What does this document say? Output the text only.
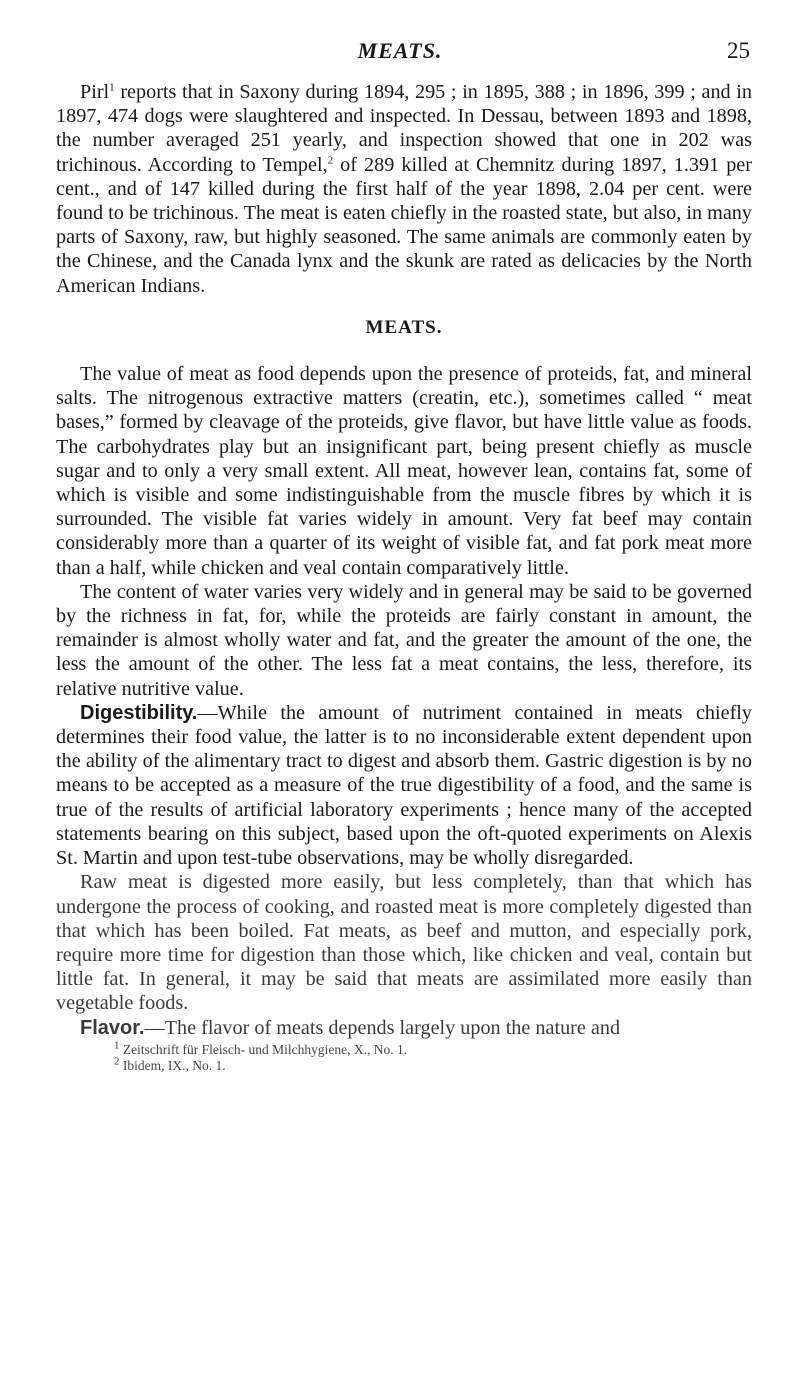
MEATS.	25

Pirl$^1$ reports that in Saxony during 1894, 295 ; in 1895, 388 ; in 1896, 399 ; and in 1897, 474 dogs were slaughtered and inspected. In Dessau, between 1893 and 1898, the number averaged 251 yearly, and inspection showed that one in 202 was trichinous. According to Tempel,$^2$ of 289 killed at Chemnitz during 1897, 1.391 per cent., and of 147 killed during the first half of the year 1898, 2.04 per cent. were found to be trichinous. The meat is eaten chiefly in the roasted state, but also, in many parts of Saxony, raw, but highly seasoned. The same animals are commonly eaten by the Chinese, and the Canada lynx and the skunk are rated as delicacies by the North American Indians.

MEATS.

The value of meat as food depends upon the presence of proteids, fat, and mineral salts. The nitrogenous extractive matters (creatin, etc.), sometimes called “ meat bases,” formed by cleavage of the proteids, give flavor, but have little value as foods. The carbohydrates play but an insignificant part, being present chiefly as muscle sugar and to only a very small extent. All meat, however lean, contains fat, some of which is visible and some indistinguishable from the muscle fibres by which it is surrounded. The visible fat varies widely in amount. Very fat beef may contain considerably more than a quarter of its weight of visible fat, and fat pork meat more than a half, while chicken and veal contain comparatively little.

The content of water varies very widely and in general may be said to be governed by the richness in fat, for, while the proteids are fairly constant in amount, the remainder is almost wholly water and fat, and the greater the amount of the one, the less the amount of the other. The less fat a meat contains, the less, therefore, its relative nutritive value.

Digestibility.—While the amount of nutriment contained in meats chiefly determines their food value, the latter is to no inconsiderable extent dependent upon the ability of the alimentary tract to digest and absorb them. Gastric digestion is by no means to be accepted as a measure of the true digestibility of a food, and the same is true of the results of artificial laboratory experiments ; hence many of the accepted statements bearing on this subject, based upon the oft-quoted experiments on Alexis St. Martin and upon test-tube observations, may be wholly disregarded.

Raw meat is digested more easily, but less completely, than that which has undergone the process of cooking, and roasted meat is more completely digested than that which has been boiled. Fat meats, as beef and mutton, and especially pork, require more time for digestion than those which, like chicken and veal, contain but little fat. In general, it may be said that meats are assimilated more easily than vegetable foods.

Flavor.—The flavor of meats depends largely upon the nature and

$^1$ Zeitschrift für Fleisch- und Milchhygiene, X., No. 1.
$^2$ Ibidem, IX., No. 1.
